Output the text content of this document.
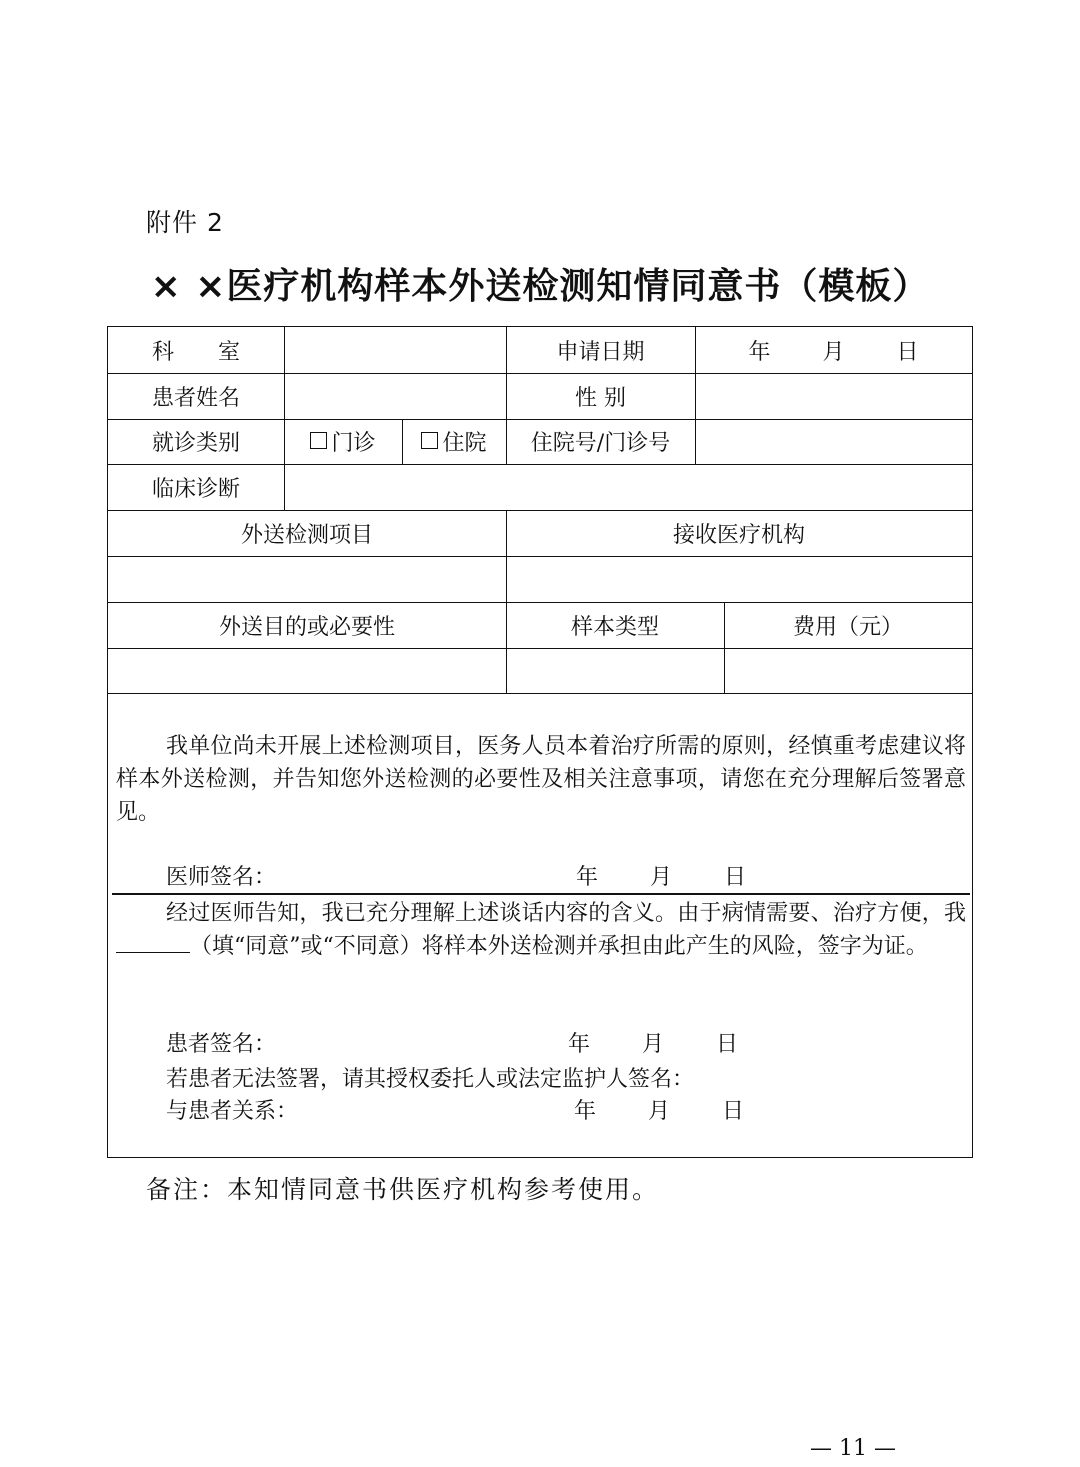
附件 2
× ×医疗机构样本外送检测知情同意书（模板）
科　　室	申请日期	年 月 日
患者姓名	性 别
就诊类别	门诊	住院	住院号/门诊号
临床诊断
外送检测项目	接收医疗机构
外送目的或必要性	样本类型	费用（元）

我单位尚未开展上述检测项目，医务人员本着治疗所需的原则，经慎重考虑建议将样本外送检测，并告知您外送检测的必要性及相关注意事项，请您在充分理解后签署意见。

医师签名：	年 月 日

经过医师告知，我已充分理解上述谈话内容的含义。由于病情需要、治疗方便，我（填“同意”或“不同意）将样本外送检测并承担由此产生的风险，签字为证。

患者签名：	年 月 日
若患者无法签署，请其授权委托人或法定监护人签名：
与患者关系：	年 月 日
备注：本知情同意书供医疗机构参考使用。
— 11 —
